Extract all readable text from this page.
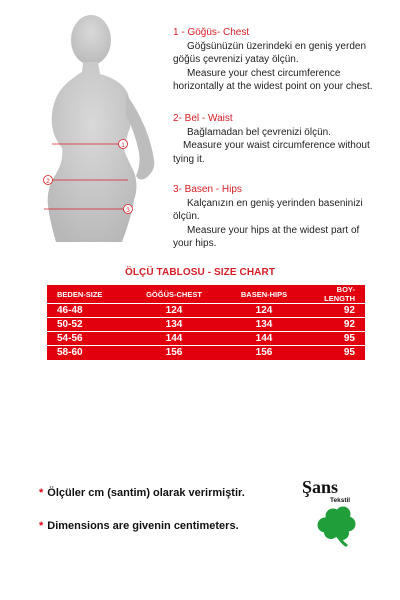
1
2
3

1 - Göğüs- Chest

Göğsünüzün üzerindeki en geniş yerden

göğüs çevrenizi yatay ölçün.

Measure your chest circumference

horizontally at the widest point on your chest.

2- Bel - Waist

Bağlamadan bel çevrenizi ölçün.

Measure your waist circumference without

tying it.

3- Basen - Hips

Kalçanızın en geniş yerinden baseninizi

ölçün.

Measure your hips at the widest part of

your hips.

ÖLÇÜ TABLOSU - SIZE CHART
BEDEN-SIZE	GÖĞÜS-CHEST	BASEN-HIPS	BOY-LENGTH
46-48	124	124	92
50-52	134	134	92
54-56	144	144	95
58-60	156	156	95
* Ölçüler cm (santim) olarak verirmiştir.
* Dimensions are givenin centimeters.
Şans
Tekstil
